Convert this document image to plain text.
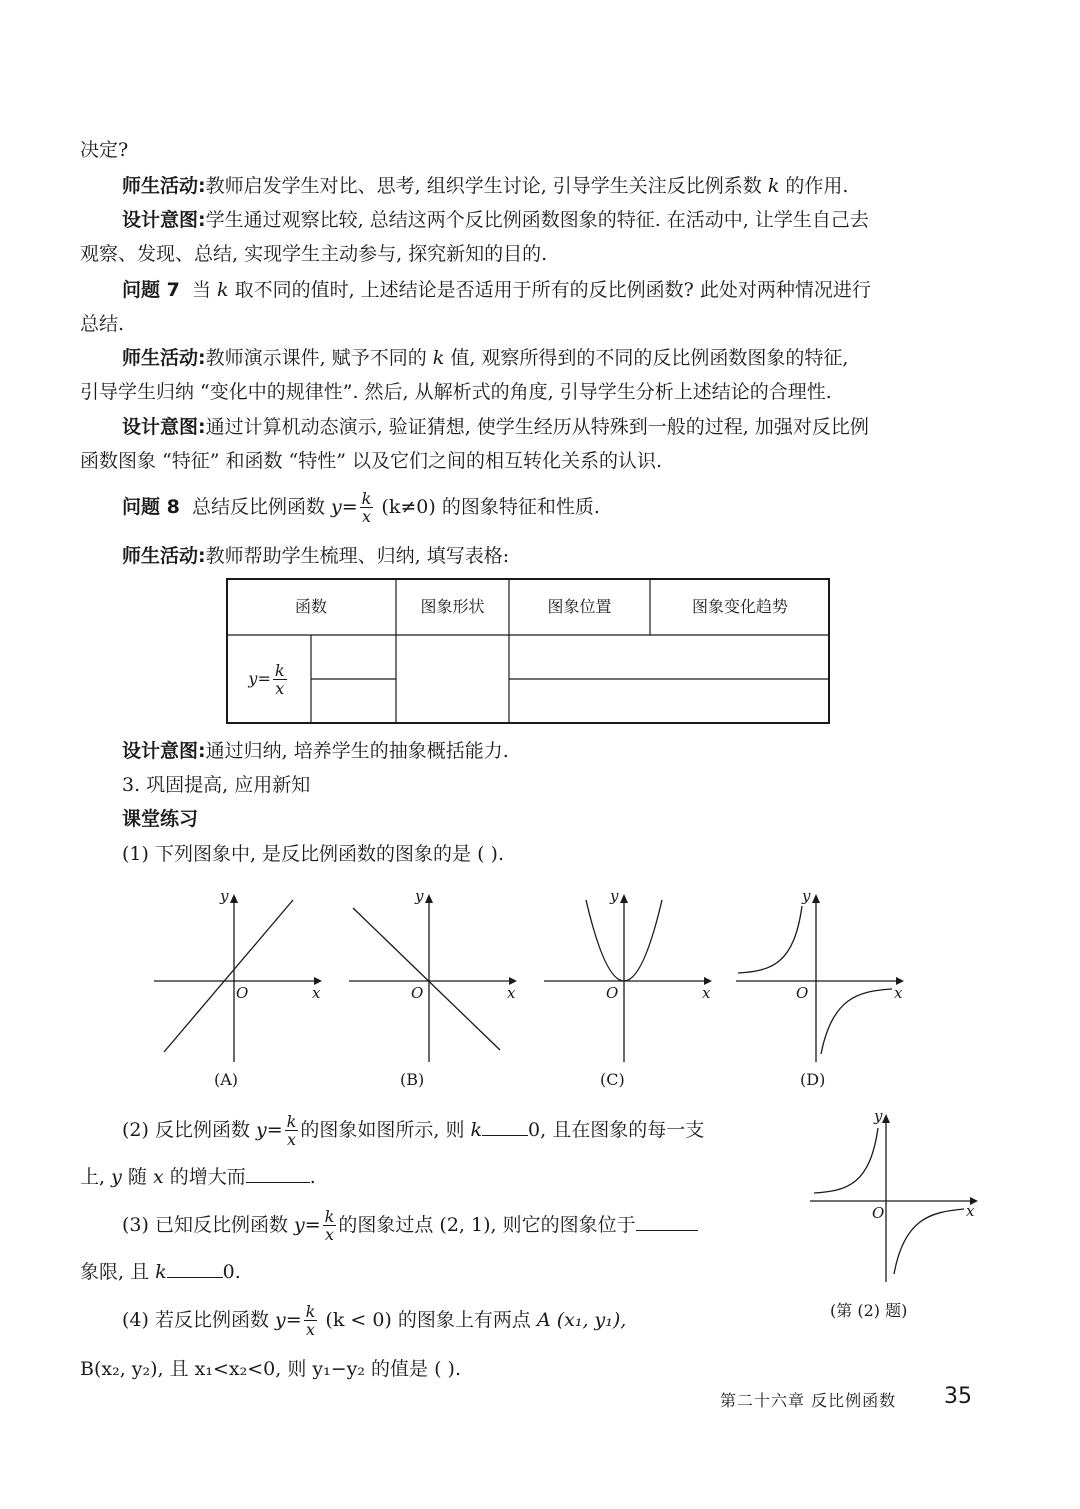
决定?
师生活动:教师启发学生对比、思考, 组织学生讨论, 引导学生关注反比例系数 k 的作用.
设计意图:学生通过观察比较, 总结这两个反比例函数图象的特征. 在活动中, 让学生自己去
观察、发现、总结, 实现学生主动参与, 探究新知的目的.
问题 7 当 k 取不同的值时, 上述结论是否适用于所有的反比例函数? 此处对两种情况进行
总结.
师生活动:教师演示课件, 赋予不同的 k 值, 观察所得到的不同的反比例函数图象的特征,
引导学生归纳 “变化中的规律性”. 然后, 从解析式的角度, 引导学生分析上述结论的合理性.
设计意图:通过计算机动态演示, 验证猜想, 使学生经历从特殊到一般的过程, 加强对反比例
函数图象 “特征” 和函数 “特性” 以及它们之间的相互转化关系的认识.
问题 8 总结反比例函数 $y= \frac{k}{x} (k\ne 0)$ 的图象特征和性质.
师生活动:教师帮助学生梳理、归纳, 填写表格:
函数	图象形状	图象位置	图象变化趋势
$y= \frac{k}{x}$
设计意图:通过归纳, 培养学生的抽象概括能力.
3. 巩固提高, 应用新知
课堂练习
(1) 下列图象中, 是反比例函数的图象的是 ( ).
y
x
O
(A)
y
x
O
(B)
y
x
O
(C)
y
x
O
(D)
(2) 反比例函数 $y= \frac{k}{x}$ 的图象如图所示, 则 k 0, 且在图象的每一支
上, y 随 x 的增大而	.
y
x
O
(第 (2) 题)
(3) 已知反比例函数 $y= \frac{k}{x}$ 的图象过点 (2, 1), 则它的图象位于
象限, 且 k	0.
(4) 若反比例函数 $y= \frac{k}{x} (k < 0)$ 的图象上有两点 A (x₁, y₁),
B(x₂, y₂), 且 x₁<x₂<0, 则 y₁−y₂ 的值是 ( ).
第二十六章 反比例函数 35
